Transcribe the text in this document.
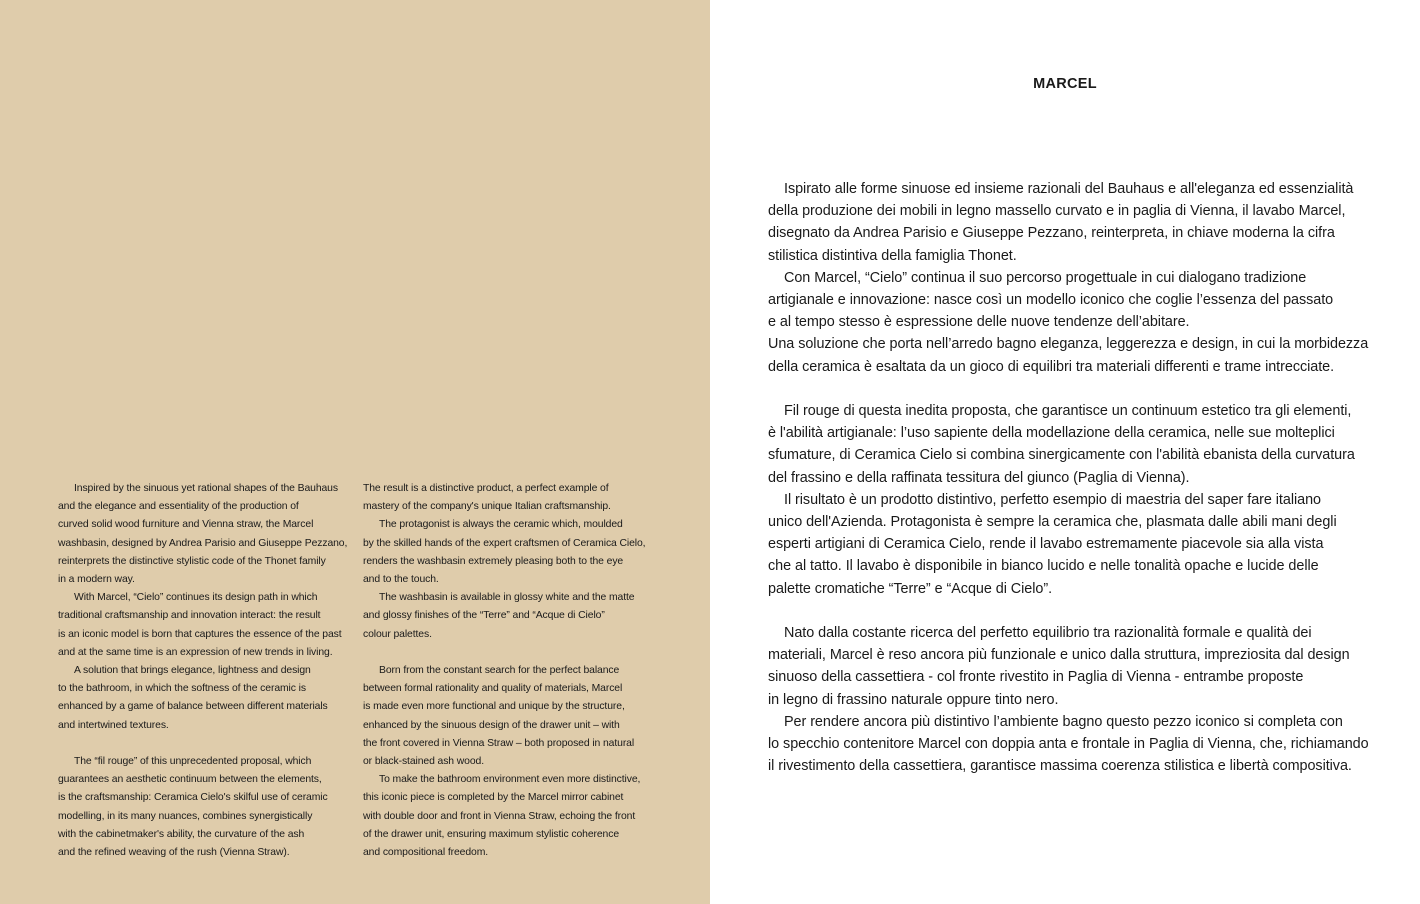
Inspired by the sinuous yet rational shapes of the Bauhaus
and the elegance and essentiality of the production of
curved solid wood furniture and Vienna straw, the Marcel
washbasin, designed by Andrea Parisio and Giuseppe Pezzano,
reinterprets the distinctive stylistic code of the Thonet family
in a modern way.
With Marcel, “Cielo” continues its design path in which
traditional craftsmanship and innovation interact: the result
is an iconic model is born that captures the essence of the past
and at the same time is an expression of new trends in living.
A solution that brings elegance, lightness and design
to the bathroom, in which the softness of the ceramic is
enhanced by a game of balance between different materials
and intertwined textures.
The “fil rouge” of this unprecedented proposal, which
guarantees an aesthetic continuum between the elements,
is the craftsmanship: Ceramica Cielo's skilful use of ceramic
modelling, in its many nuances, combines synergistically
with the cabinetmaker's ability, the curvature of the ash
and the refined weaving of the rush (Vienna Straw).
The result is a distinctive product, a perfect example of
mastery of the company's unique Italian craftsmanship.
The protagonist is always the ceramic which, moulded
by the skilled hands of the expert craftsmen of Ceramica Cielo,
renders the washbasin extremely pleasing both to the eye
and to the touch.
The washbasin is available in glossy white and the matte
and glossy finishes of the “Terre” and “Acque di Cielo”
colour palettes.
Born from the constant search for the perfect balance
between formal rationality and quality of materials, Marcel
is made even more functional and unique by the structure,
enhanced by the sinuous design of the drawer unit – with
the front covered in Vienna Straw – both proposed in natural
or black-stained ash wood.
To make the bathroom environment even more distinctive,
this iconic piece is completed by the Marcel mirror cabinet
with double door and front in Vienna Straw, echoing the front
of the drawer unit, ensuring maximum stylistic coherence
and compositional freedom.
MARCEL
Ispirato alle forme sinuose ed insieme razionali del Bauhaus e all'eleganza ed essenzialità
della produzione dei mobili in legno massello curvato e in paglia di Vienna, il lavabo Marcel,
disegnato da Andrea Parisio e Giuseppe Pezzano, reinterpreta, in chiave moderna la cifra
stilistica distintiva della famiglia Thonet.
Con Marcel, “Cielo” continua il suo percorso progettuale in cui dialogano tradizione
artigianale e innovazione: nasce così un modello iconico che coglie l’essenza del passato
e al tempo stesso è espressione delle nuove tendenze dell’abitare.
Una soluzione che porta nell’arredo bagno eleganza, leggerezza e design, in cui la morbidezza
della ceramica è esaltata da un gioco di equilibri tra materiali differenti e trame intrecciate.
Fil rouge di questa inedita proposta, che garantisce un continuum estetico tra gli elementi,
è l'abilità artigianale: l’uso sapiente della modellazione della ceramica, nelle sue molteplici
sfumature, di Ceramica Cielo si combina sinergicamente con l'abilità ebanista della curvatura
del frassino e della raffinata tessitura del giunco (Paglia di Vienna).
Il risultato è un prodotto distintivo, perfetto esempio di maestria del saper fare italiano
unico dell'Azienda. Protagonista è sempre la ceramica che, plasmata dalle abili mani degli
esperti artigiani di Ceramica Cielo, rende il lavabo estremamente piacevole sia alla vista
che al tatto. Il lavabo è disponibile in bianco lucido e nelle tonalità opache e lucide delle
palette cromatiche “Terre” e “Acque di Cielo”.
Nato dalla costante ricerca del perfetto equilibrio tra razionalità formale e qualità dei
materiali, Marcel è reso ancora più funzionale e unico dalla struttura, impreziosita dal design
sinuoso della cassettiera - col fronte rivestito in Paglia di Vienna - entrambe proposte
in legno di frassino naturale oppure tinto nero.
Per rendere ancora più distintivo l’ambiente bagno questo pezzo iconico si completa con
lo specchio contenitore Marcel con doppia anta e frontale in Paglia di Vienna, che, richiamando
il rivestimento della cassettiera, garantisce massima coerenza stilistica e libertà compositiva.
